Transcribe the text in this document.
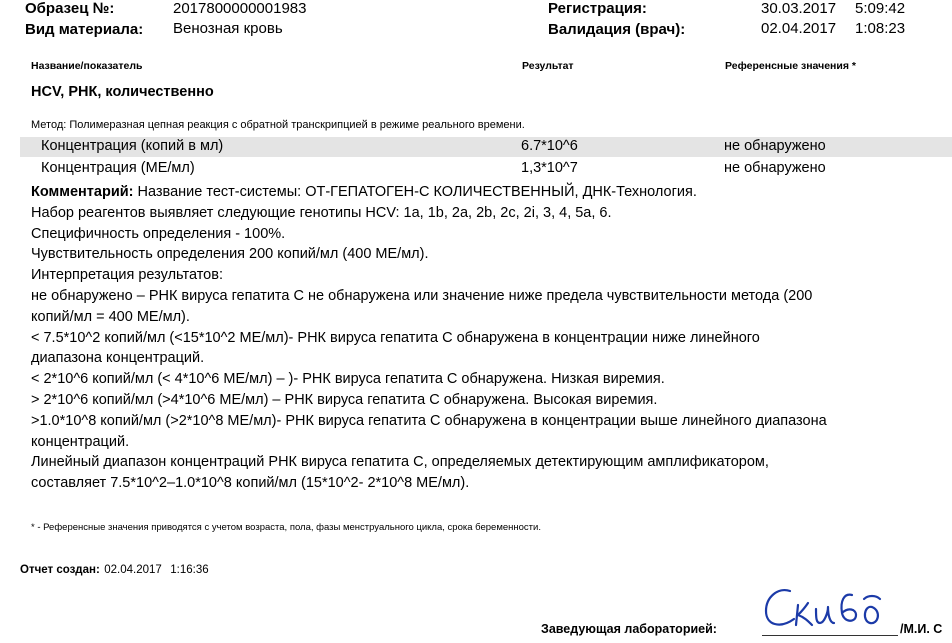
Образец №:	2017800000001983
Вид материала: Венозная кровь
Регистрация:	30.03.2017 5:09:42
Валидация (врач):	02.04.2017 1:08:23
Название/показатель	Результат	Референсные значения *
HCV, РНК, количественно
Метод: Полимеразная цепная реакция с обратной транскрипцией в режиме реального времени.
Концентрация (копий в мл)	6.7*10^6	не обнаружено
Концентрация (МЕ/мл)	1,3*10^7	не обнаружено
Комментарий: Название тест-системы: ОТ-ГЕПАТОГЕН-С КОЛИЧЕСТВЕННЫЙ, ДНК-Технология.
Набор реагентов выявляет следующие генотипы HCV: 1a, 1b, 2a, 2b, 2c, 2i, 3, 4, 5a, 6.
Специфичность определения - 100%.
Чувствительность определения 200 копий/мл (400 МЕ/мл).
Интерпретация результатов:
не обнаружено – РНК вируса гепатита С не обнаружена или значение ниже предела чувствительности метода (200
копий/мл = 400 МЕ/мл).
< 7.5*10^2 копий/мл (<15*10^2 МЕ/мл)- РНК вируса гепатита С обнаружена в концентрации ниже линейного
диапазона концентраций.
< 2*10^6 копий/мл (< 4*10^6 МЕ/мл) – )- РНК вируса гепатита С обнаружена. Низкая виремия.
> 2*10^6 копий/мл (>4*10^6 МЕ/мл) – РНК вируса гепатита С обнаружена. Высокая виремия.
>1.0*10^8 копий/мл (>2*10^8 МЕ/мл)- РНК вируса гепатита С обнаружена в концентрации выше линейного диапазона
концентраций.
Линейный диапазон концентраций РНК вируса гепатита С, определяемых детектирующим амплификатором,
составляет 7.5*10^2–1.0*10^8 копий/мл (15*10^2- 2*10^8 МЕ/мл).
* - Референсные значения приводятся с учетом возраста, пола, фазы менструального цикла, срока беременности.
Отчет создан: 02.04.2017 1:16:36
Заведующая лабораторией:	/М.И. С
